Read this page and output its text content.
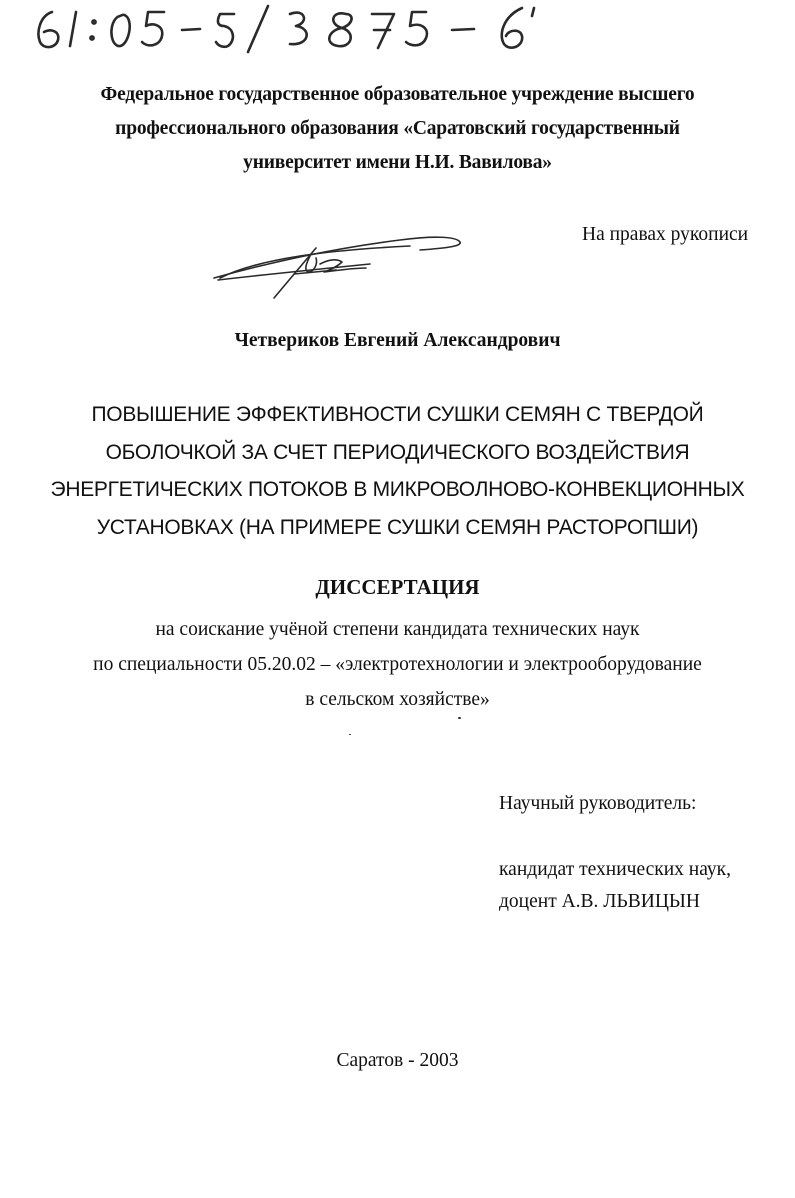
Федеральное государственное образовательное учреждение высшего
профессионального образования «Саратовский государственный
университет имени Н.И. Вавилова»
На правах рукописи
Четвериков Евгений Александрович
ПОВЫШЕНИЕ ЭФФЕКТИВНОСТИ СУШКИ СЕМЯН С ТВЕРДОЙ
ОБОЛОЧКОЙ ЗА СЧЕТ ПЕРИОДИЧЕСКОГО ВОЗДЕЙСТВИЯ
ЭНЕРГЕТИЧЕСКИХ ПОТОКОВ В МИКРОВОЛНОВО-КОНВЕКЦИОННЫХ
УСТАНОВКАХ (НА ПРИМЕРЕ СУШКИ СЕМЯН РАСТОРОПШИ)
ДИССЕРТАЦИЯ
на соискание учёной степени кандидата технических наук
по специальности 05.20.02 – «электротехнологии и электрооборудование
в сельском хозяйстве»
Научный руководитель:
кандидат технических наук,
доцент А.В. ЛЬВИЦЫН
Саратов - 2003
